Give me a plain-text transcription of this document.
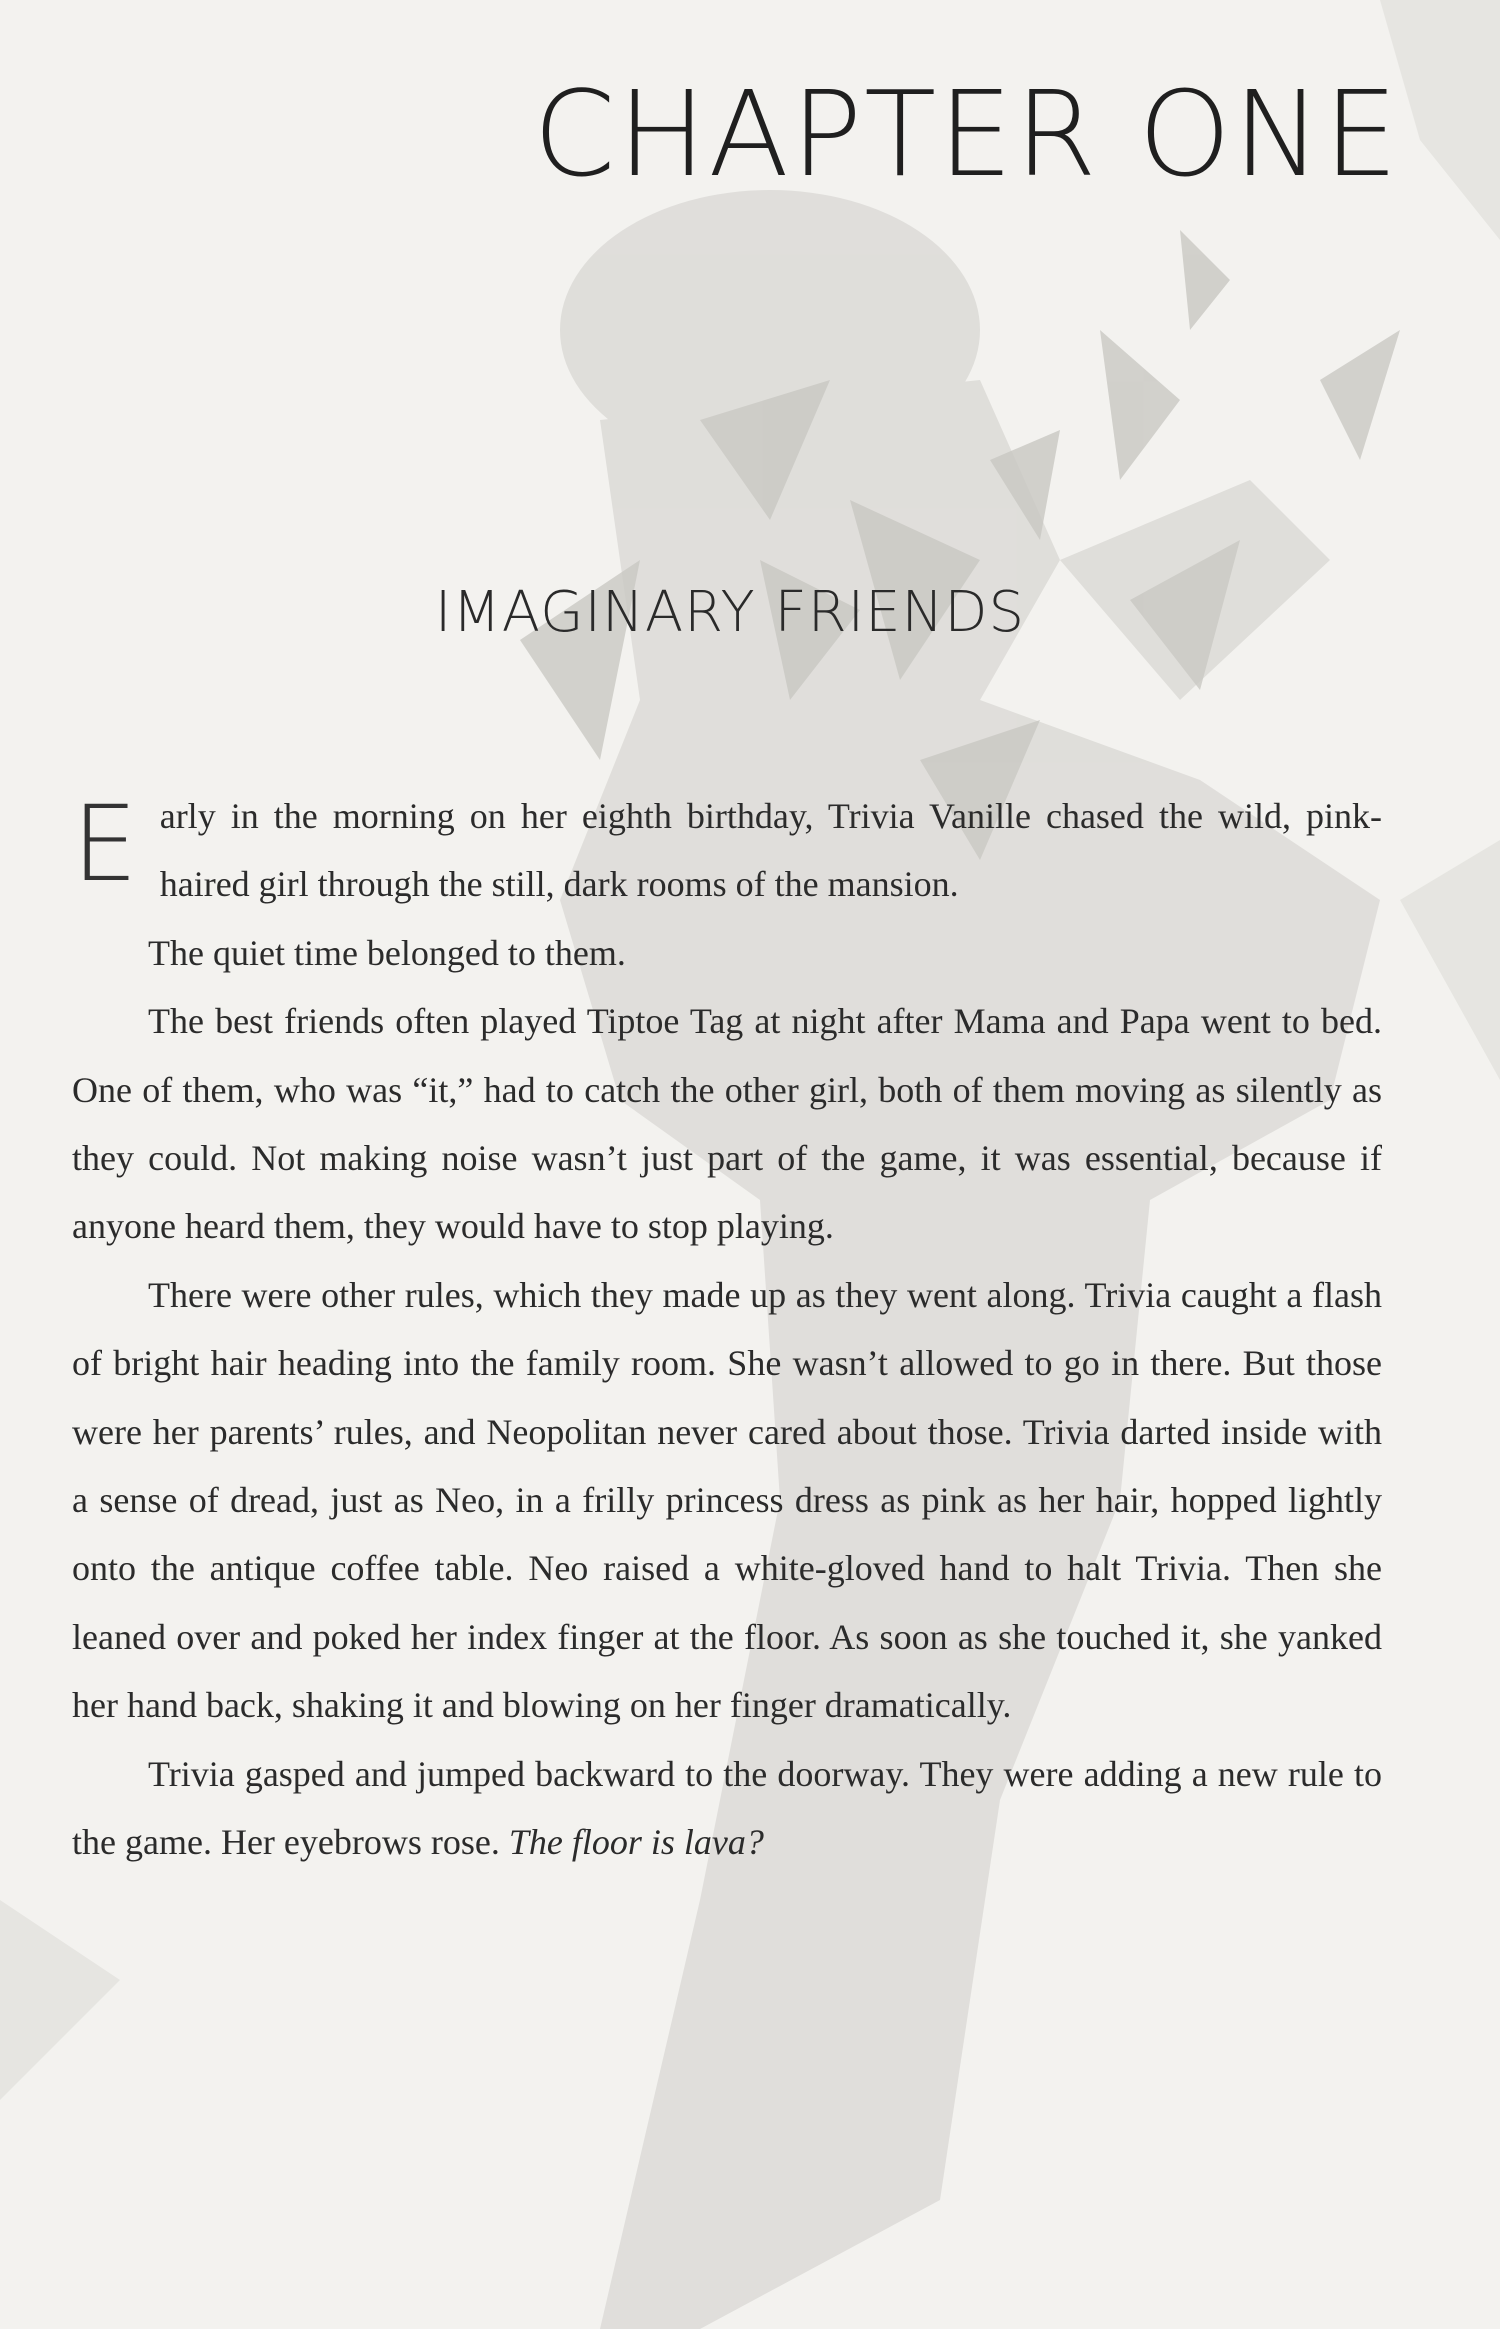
CHAPTER ONE
IMAGINARY FRIENDS

Early in the morning on her eighth birthday, Trivia Vanille chased the wild, pink-haired girl through the still, dark rooms of the mansion.

The quiet time belonged to them.

The best friends often played Tiptoe Tag at night after Mama and Papa went to bed. One of them, who was “it,” had to catch the other girl, both of them moving as silently as they could. Not making noise wasn’t just part of the game, it was essential, because if anyone heard them, they would have to stop playing.

There were other rules, which they made up as they went along. Trivia caught a flash of bright hair heading into the family room. She wasn’t allowed to go in there. But those were her parents’ rules, and Neopolitan never cared about those. Trivia darted inside with a sense of dread, just as Neo, in a frilly princess dress as pink as her hair, hopped lightly onto the antique coffee table. Neo raised a white-gloved hand to halt Trivia. Then she leaned over and poked her index finger at the floor. As soon as she touched it, she yanked her hand back, shaking it and blowing on her finger dramatically.

Trivia gasped and jumped backward to the doorway. They were adding a new rule to the game. Her eyebrows rose. The floor is lava?
